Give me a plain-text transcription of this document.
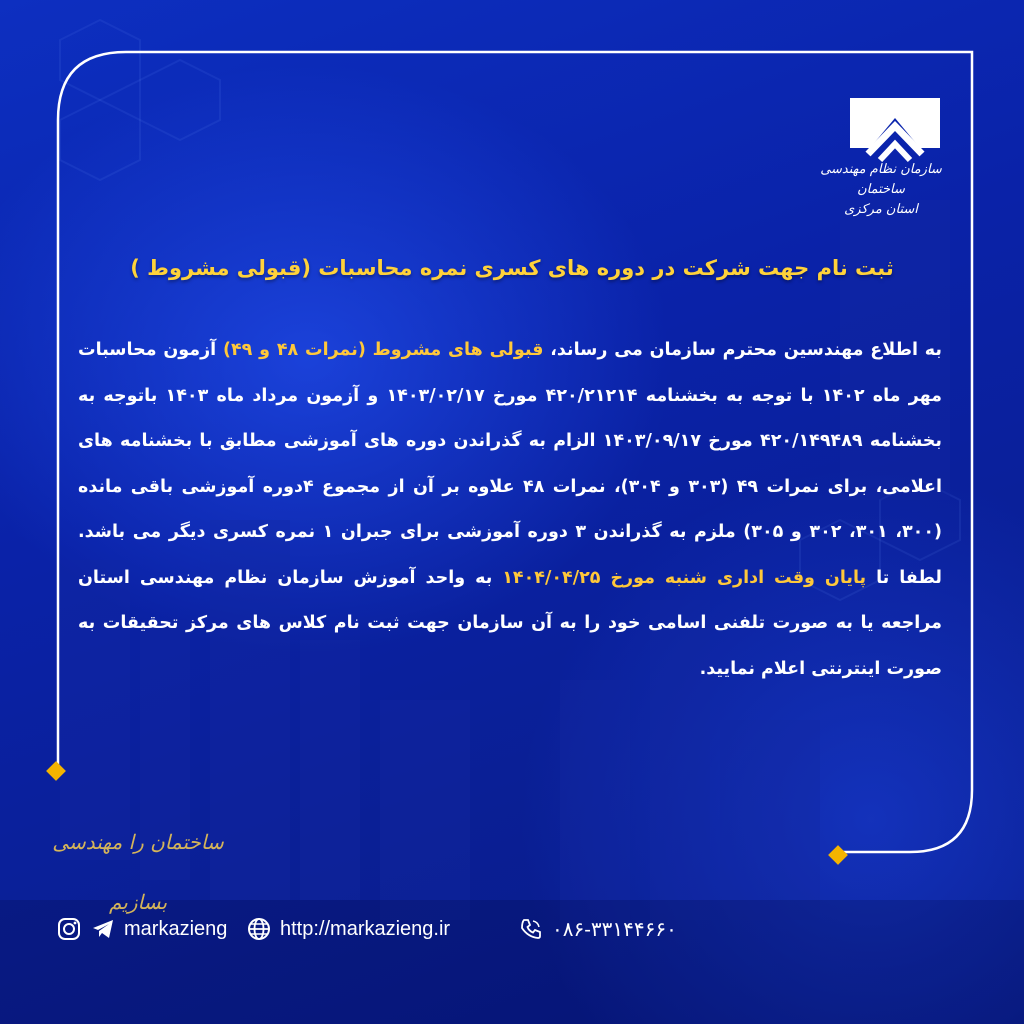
سازمان نظام مهندسی ساختمان
استان مرکزی
ثبت نام جهت شرکت در دوره های کسری نمره محاسبات (قبولی مشروط )
به اطلاع مهندسین محترم سازمان می رساند، قبولی های مشروط (نمرات ۴۸ و ۴۹) آزمون محاسبات مهر ماه ۱۴۰۲ با توجه به بخشنامه ۴۲۰/۲۱۲۱۴ مورخ ۱۴۰۳/۰۲/۱۷ و آزمون مرداد ماه ۱۴۰۳ باتوجه به بخشنامه ۴۲۰/۱۴۹۴۸۹ مورخ ۱۴۰۳/۰۹/۱۷ الزام به گذراندن دوره های آموزشی مطابق با بخشنامه های اعلامی، برای نمرات ۴۹ (۳۰۳ و ۳۰۴)، نمرات ۴۸ علاوه بر آن از مجموع ۴دوره آموزشی باقی مانده (۳۰۰، ۳۰۱، ۳۰۲ و ۳۰۵) ملزم به گذراندن ۳ دوره آموزشی برای جبران ۱ نمره کسری دیگر می باشد. لطفا تا پایان وقت اداری شنبه مورخ ۱۴۰۴/۰۴/۲۵ به واحد آموزش سازمان نظام مهندسی استان مراجعه یا به صورت تلفنی اسامی خود را به آن سازمان جهت ثبت نام کلاس های مرکز تحقیقات به صورت اینترنتی اعلام نمایید.
ساختمان را مهندسی بسازیم
markazieng	http://markazieng.ir	۰۸۶-۳۳۱۴۴۶۶۰
